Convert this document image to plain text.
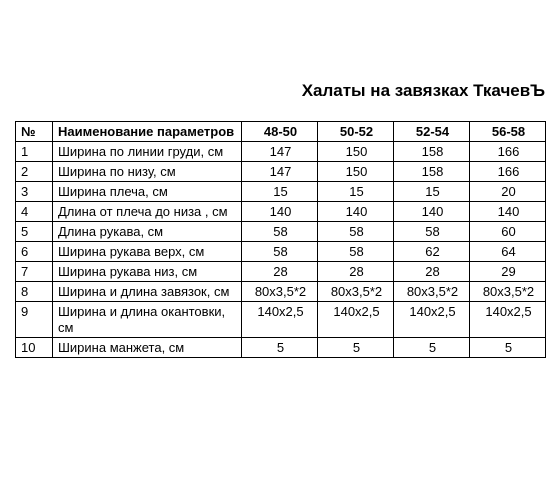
Халаты на завязках ТкачевЪ
№	Наименование параметров	48-50	50-52	52-54	56-58
1	Ширина по линии груди, см	147	150	158	166
2	Ширина по низу, см	147	150	158	166
3	Ширина плеча, см	15	15	15	20
4	Длина от плеча до низа , см	140	140	140	140
5	Длина рукава, см	58	58	58	60
6	Ширина рукава верх, см	58	58	62	64
7	Ширина рукава низ, см	28	28	28	29
8	Ширина и длина завязок, см	80х3,5*2	80х3,5*2	80х3,5*2	80х3,5*2
9	Ширина и длина окантовки, см	140х2,5	140х2,5	140х2,5	140х2,5
10	Ширина манжета, см	5	5	5	5
